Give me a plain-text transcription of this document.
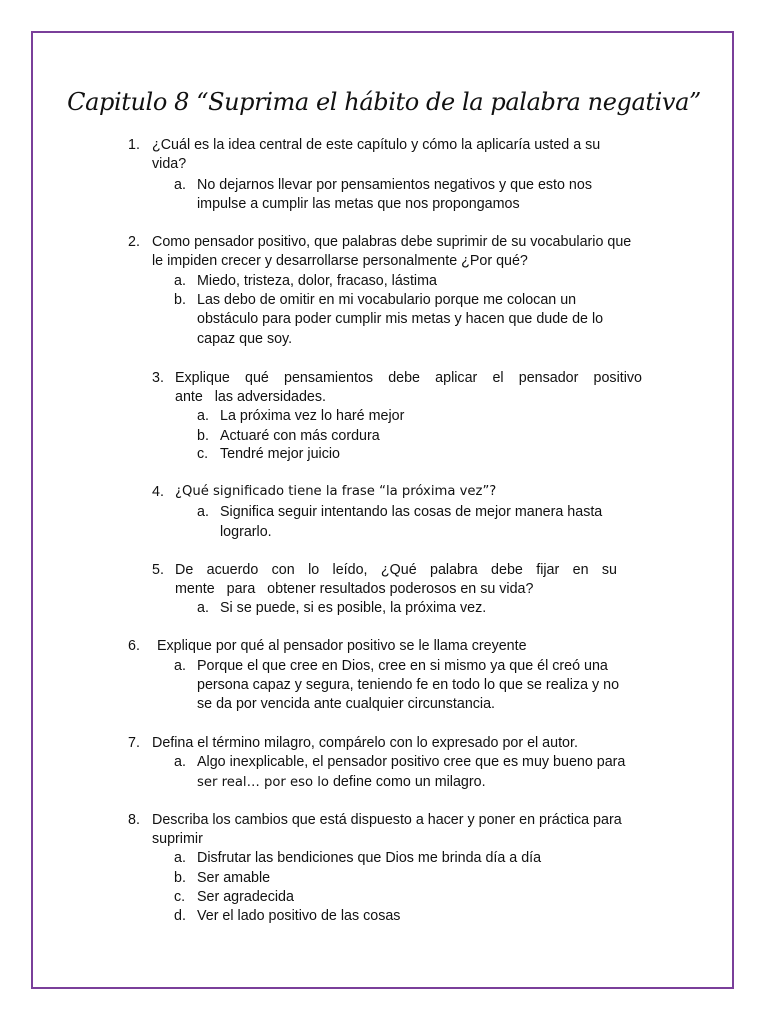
Capitulo 8 “Suprima el hábito de la palabra negativa”
1. ¿Cuál es la idea central de este capítulo y cómo la aplicaría usted a su
vida?
a. No dejarnos llevar por pensamientos negativos y que esto nos
impulse a cumplir las metas que nos propongamos
2. Como pensador positivo, que palabras debe suprimir de su vocabulario que
le impiden crecer y desarrollarse personalmente ¿Por qué?
a. Miedo, tristeza, dolor, fracaso, lástima
b. Las debo de omitir en mi vocabulario porque me colocan un
obstáculo para poder cumplir mis metas y hacen que dude de lo
capaz que soy.
3. Explique qué pensamientos debe aplicar el pensador positivo
ante   las adversidades.
a. La próxima vez lo haré mejor
b. Actuaré con más cordura
c. Tendré mejor juicio
4. ¿Qué significado tiene la frase “la próxima vez”?
a. Significa seguir intentando las cosas de mejor manera hasta
lograrlo.
5. De acuerdo con lo leído, ¿Qué palabra debe fijar en su
mente   para   obtener resultados poderosos en su vida?
a. Si se puede, si es posible, la próxima vez.
6. Explique por qué al pensador positivo se le llama creyente
a. Porque el que cree en Dios, cree en si mismo ya que él creó una
persona capaz y segura, teniendo fe en todo lo que se realiza y no
se da por vencida ante cualquier circunstancia.
7. Defina el término milagro, compárelo con lo expresado por el autor.
a. Algo inexplicable, el pensador positivo cree que es muy bueno para
ser real… por eso lo define como un milagro.
8. Describa los cambios que está dispuesto a hacer y poner en práctica para
suprimir
a. Disfrutar las bendiciones que Dios me brinda día a día
b. Ser amable
c. Ser agradecida
d. Ver el lado positivo de las cosas
